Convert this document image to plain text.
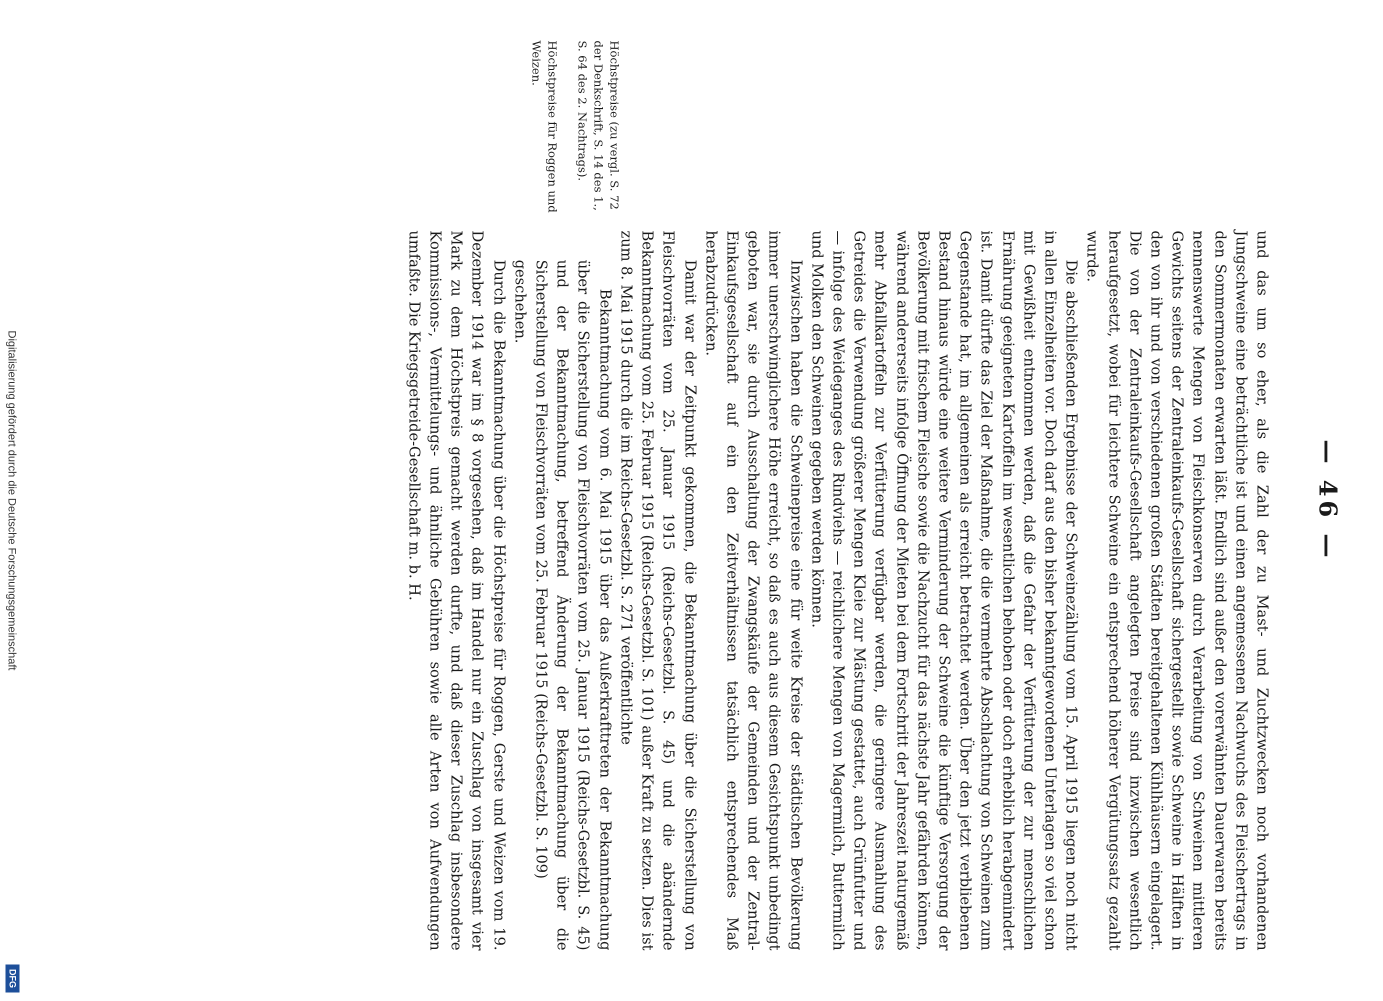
— 46 —

und das um so eher, als die Zahl der zu Mast- und Zuchtzwecken noch vorhandenen Jungschweine eine beträchtliche ist und einen angemessenen Nachwuchs des Fleischertrags in den Sommermonaten erwarten läßt. Endlich sind außer den vorerwähnten Dauerwaren bereits nennenswerte Mengen von Fleischkonserven durch Verarbeitung von Schweinen mittleren Gewichts seitens der Zentraleinkaufs-Gesellschaft sichergestellt sowie Schweine in Hälften in den von ihr und von verschiedenen großen Städten bereitgehaltenen Kühlhäusern eingelagert. Die von der Zentraleinkaufs-Gesellschaft angelegten Preise sind inzwischen wesentlich heraufgesetzt, wobei für leichtere Schweine ein entsprechend höherer Vergütungssatz gezahlt wurde.

Die abschließenden Ergebnisse der Schweinezählung vom 15. April 1915 liegen noch nicht in allen Einzelheiten vor. Doch darf aus den bisher bekanntgewordenen Unterlagen so viel schon mit Gewißheit entnommen werden, daß die Gefahr der Verfütterung der zur menschlichen Ernährung geeigneten Kartoffeln im wesentlichen behoben oder doch erheblich herabgemindert ist. Damit dürfte das Ziel der Maßnahme, die die vermehrte Abschlachtung von Schweinen zum Gegenstande hat, im allgemeinen als erreicht betrachtet werden. Über den jetzt verbliebenen Bestand hinaus würde eine weitere Verminderung der Schweine die künftige Versorgung der Bevölkerung mit frischem Fleische sowie die Nachzucht für das nächste Jahr gefährden können, während andererseits infolge Öffnung der Mieten bei dem Fortschritt der Jahreszeit naturgemäß mehr Abfallkartoffeln zur Verfütterung verfügbar werden, die geringere Ausmahlung des Getreides die Verwendung größerer Mengen Kleie zur Mästung gestattet, auch Grünfutter und — infolge des Weideganges des Rindviehs — reichlichere Mengen von Magermilch, Buttermilch und Molken den Schweinen gegeben werden können.

Inzwischen haben die Schweinepreise eine für weite Kreise der städtischen Bevölkerung immer unerschwinglichere Höhe erreicht, so daß es auch aus diesem Gesichtspunkt unbedingt geboten war, sie durch Ausschaltung der Zwangskäufe der Gemeinden und der Zentral-Einkaufsgesellschaft auf ein den Zeitverhältnissen tatsächlich entsprechendes Maß herabzudrücken.

Damit war der Zeitpunkt gekommen, die Bekanntmachung über die Sicherstellung von Fleischvorräten vom 25. Januar 1915 (Reichs-Gesetzbl. S. 45) und die abändernde Bekanntmachung vom 25. Februar 1915 (Reichs-Gesetzbl. S. 101) außer Kraft zu setzen. Dies ist zum 8. Mai 1915 durch die im Reichs-Gesetzbl. S. 271 veröffentlichte

Bekanntmachung vom 6. Mai 1915 über das Außerkrafttreten der Bekanntmachung über die Sicherstellung von Fleischvorräten vom 25. Januar 1915 (Reichs-Gesetzbl. S. 45) und der Bekanntmachung, betreffend Änderung der Bekanntmachung über die Sicherstellung von Fleischvorräten vom 25. Februar 1915 (Reichs-Gesetzbl. S. 109)

geschehen.

Durch die Bekanntmachung über die Höchstpreise für Roggen, Gerste und Weizen vom 19. Dezember 1914 war im § 8 vorgesehen, daß im Handel nur ein Zuschlag von insgesamt vier Mark zu dem Höchstpreis gemacht werden durfte, und daß dieser Zuschlag insbesondere Kommissions-, Vermittelungs- und ähnliche Gebühren sowie alle Arten von Aufwendungen umfaßte. Die Kriegsgetreide-Gesellschaft m. b. H.

Höchstpreise (zu vergl. S. 72 der Denkschrift, S. 14 des 1., S. 64 des 2. Nachtrags).
Höchstpreise für Roggen und Weizen.
Digitalisierung gefördert durch die Deutsche Forschungsgemeinschaft
DFG
